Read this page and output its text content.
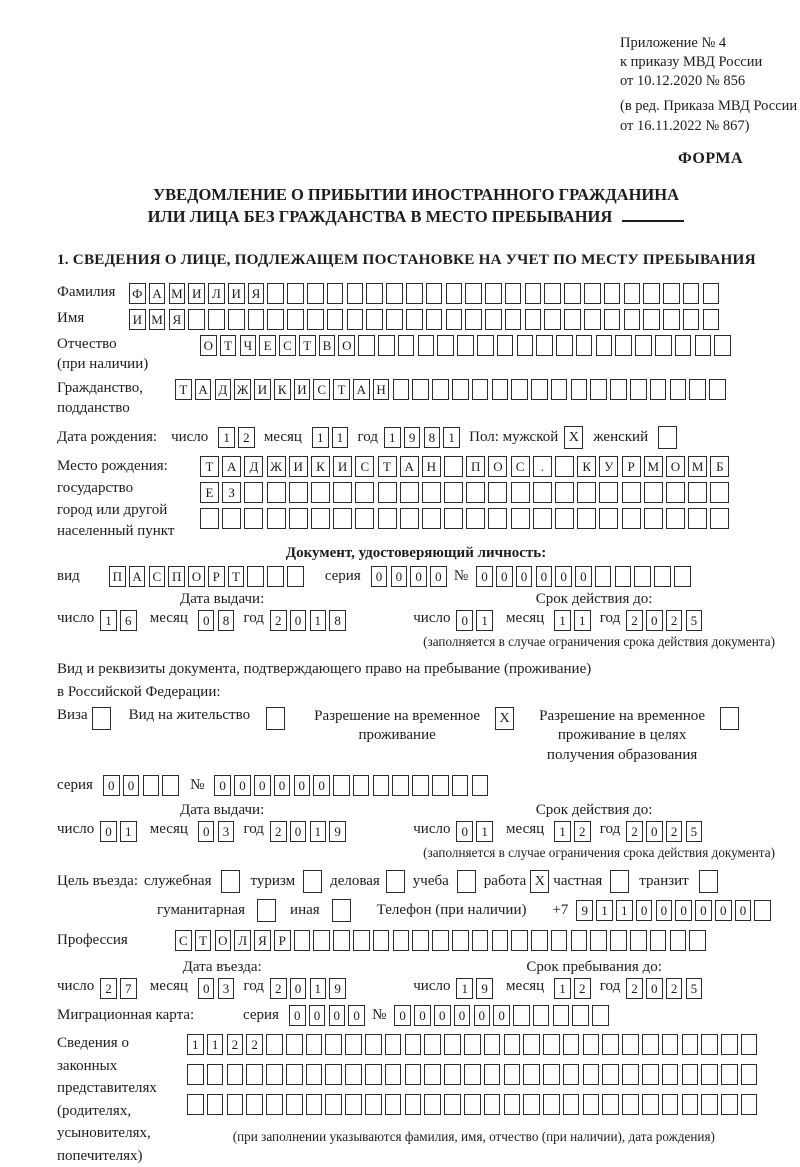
Приложение № 4
к приказу МВД России
от 10.12.2020 № 856
(в ред. Приказа МВД России
от 16.11.2022 № 867)
ФОРМА
УВЕДОМЛЕНИЕ О ПРИБЫТИИ ИНОСТРАННОГО ГРАЖДАНИНА
ИЛИ ЛИЦА БЕЗ ГРАЖДАНСТВА В МЕСТО ПРЕБЫВАНИЯ
1. СВЕДЕНИЯ О ЛИЦЕ, ПОДЛЕЖАЩЕМ ПОСТАНОВКЕ НА УЧЕТ ПО МЕСТУ ПРЕБЫВАНИЯ
Фамилия	Ф А М И Л И Я
Имя	И М Я
Отчество
(при наличии)
О Т Ч Е С Т В О
Гражданство,
подданство
Т А Д Ж И К И С Т А Н
Дата рождения: число	1 2 месяц	1 1 год 1 9 8 1 Пол: мужской X женский
Место рождения:
государство
город или другой
населенный пункт
Т А Д Ж И К И С Т А Н	П О С .	К У Р М О М Б
Е З
Документ, удостоверяющий личность:
вид	П А С П О Р Т	серия	0 0 0 0 №	0 0 0 0 0 0
Дата выдачи:
число 1 6	месяц	0 8 год 2 0 1 8
Срок действия до:
число 0 1	месяц	1 1 год 2 0 2 5
(заполняется в случае ограничения срока действия документа)
Вид и реквизиты документа, подтверждающего право на пребывание (проживание)
в Российской Федерации:
Виза	Вид на жительство	Разрешение на временное проживание
X	Разрешение на временное проживание в целях получения образования
серия	0 0	№	0 0 0 0 0 0
Дата выдачи:
число 0 1	месяц	0 3 год 2 0 1 9
Срок действия до:
число 0 1	месяц	1 2 год 2 0 2 5
(заполняется в случае ограничения срока действия документа)
Цель въезда: служебная	туризм деловая учеба работа X частная транзит
гуманитарная	иная	Телефон (при наличии) +7	9 1 1 0 0 0 0 0 0
Профессия	С Т О Л Я Р
Дата въезда:
число 2 7	месяц	0 3 год 2 0 1 9
Срок пребывания до:
число 1 9	месяц	1 2 год 2 0 2 5
Миграционная карта:	серия	0 0 0 0 №	0 0 0 0 0 0
Сведения о
законных
представителях
(родителях,
усыновителях,
попечителях)
1 1 2 2
(при заполнении указываются фамилия, имя, отчество (при наличии), дата рождения)
